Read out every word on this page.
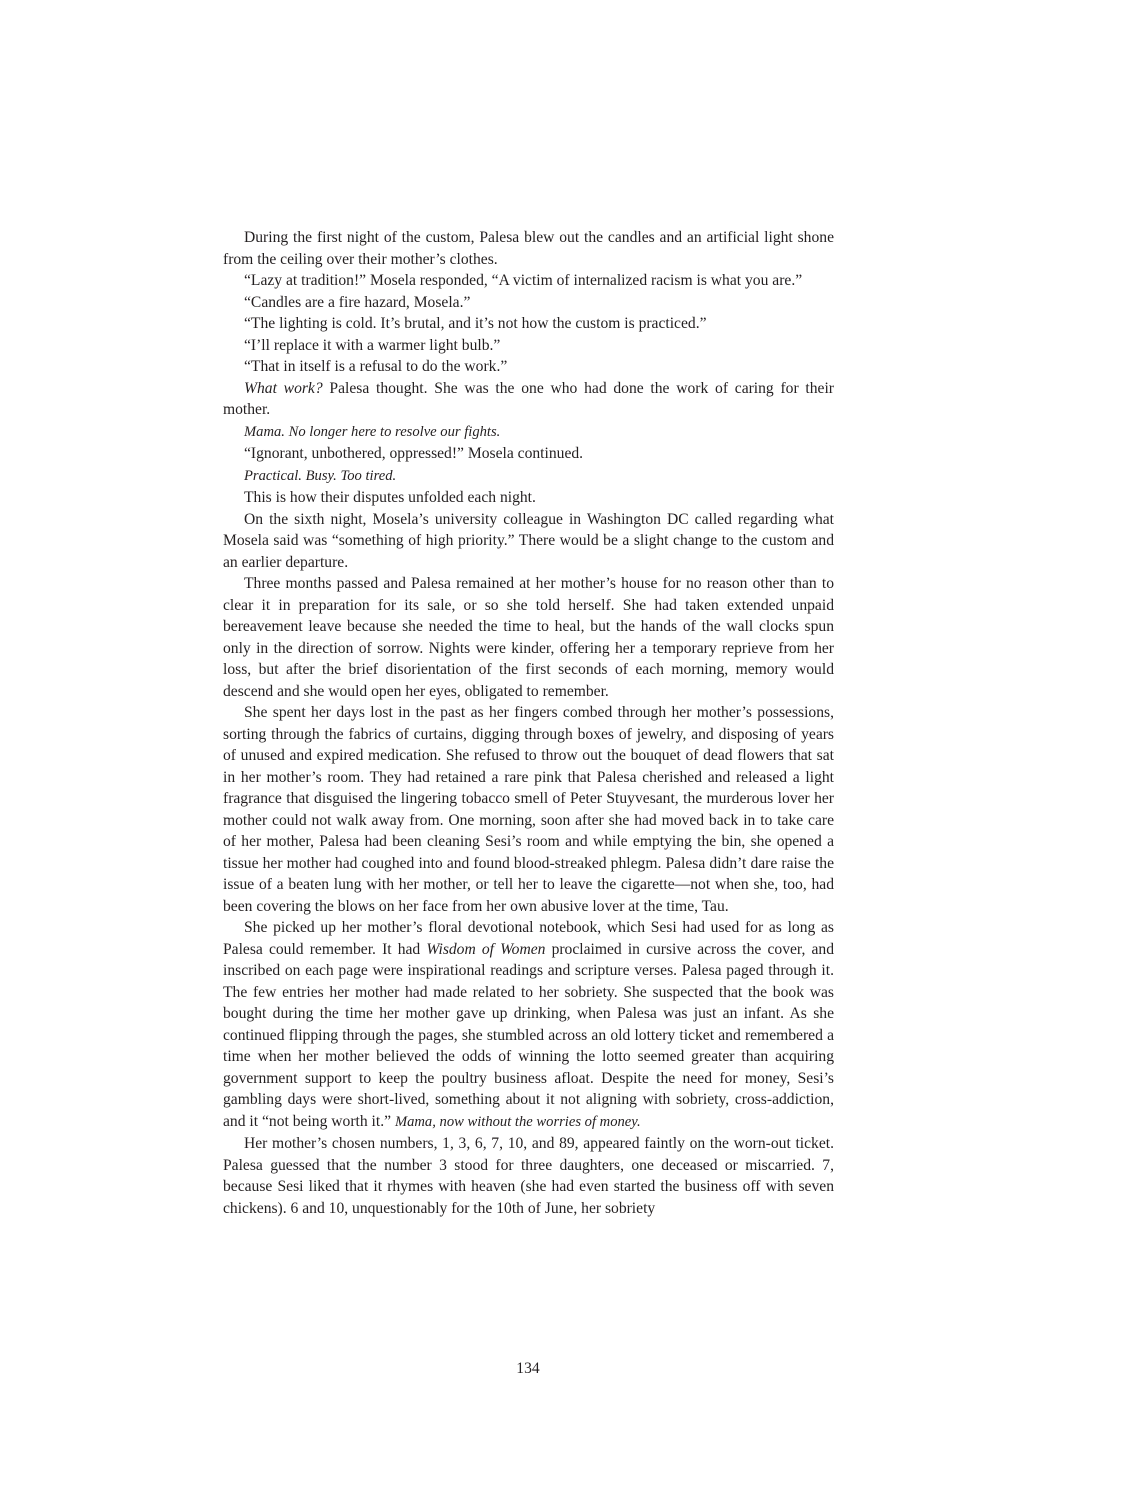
During the first night of the custom, Palesa blew out the candles and an artificial light shone from the ceiling over their mother’s clothes.

“Lazy at tradition!” Mosela responded, “A victim of internalized racism is what you are.”

“Candles are a fire hazard, Mosela.”

“The lighting is cold. It’s brutal, and it’s not how the custom is practiced.”

“I’ll replace it with a warmer light bulb.”

“That in itself is a refusal to do the work.”

What work? Palesa thought. She was the one who had done the work of caring for their mother.

Mama. No longer here to resolve our fights.

“Ignorant, unbothered, oppressed!” Mosela continued.

Practical. Busy. Too tired.

This is how their disputes unfolded each night.

On the sixth night, Mosela’s university colleague in Washington DC called regarding what Mosela said was “something of high priority.” There would be a slight change to the custom and an earlier departure.

Three months passed and Palesa remained at her mother’s house for no reason other than to clear it in preparation for its sale, or so she told herself. She had taken extended unpaid bereavement leave because she needed the time to heal, but the hands of the wall clocks spun only in the direction of sorrow. Nights were kinder, offering her a temporary reprieve from her loss, but after the brief disorientation of the first seconds of each morning, memory would descend and she would open her eyes, obligated to remember.

She spent her days lost in the past as her fingers combed through her mother’s possessions, sorting through the fabrics of curtains, digging through boxes of jewelry, and disposing of years of unused and expired medication. She refused to throw out the bouquet of dead flowers that sat in her mother’s room. They had retained a rare pink that Palesa cherished and released a light fragrance that disguised the lingering tobacco smell of Peter Stuyvesant, the murderous lover her mother could not walk away from. One morning, soon after she had moved back in to take care of her mother, Palesa had been cleaning Sesi’s room and while emptying the bin, she opened a tissue her mother had coughed into and found blood-streaked phlegm. Palesa didn’t dare raise the issue of a beaten lung with her mother, or tell her to leave the cigarette—not when she, too, had been covering the blows on her face from her own abusive lover at the time, Tau.

She picked up her mother’s floral devotional notebook, which Sesi had used for as long as Palesa could remember. It had Wisdom of Women proclaimed in cursive across the cover, and inscribed on each page were inspirational readings and scripture verses. Palesa paged through it. The few entries her mother had made related to her sobriety. She suspected that the book was bought during the time her mother gave up drinking, when Palesa was just an infant. As she continued flipping through the pages, she stumbled across an old lottery ticket and remembered a time when her mother believed the odds of winning the lotto seemed greater than acquiring government support to keep the poultry business afloat. Despite the need for money, Sesi’s gambling days were short-lived, something about it not aligning with sobriety, cross-addiction, and it “not being worth it.” Mama, now without the worries of money.

Her mother’s chosen numbers, 1, 3, 6, 7, 10, and 89, appeared faintly on the worn-out ticket. Palesa guessed that the number 3 stood for three daughters, one deceased or miscarried. 7, because Sesi liked that it rhymes with heaven (she had even started the business off with seven chickens). 6 and 10, unquestionably for the 10th of June, her sobriety

134
